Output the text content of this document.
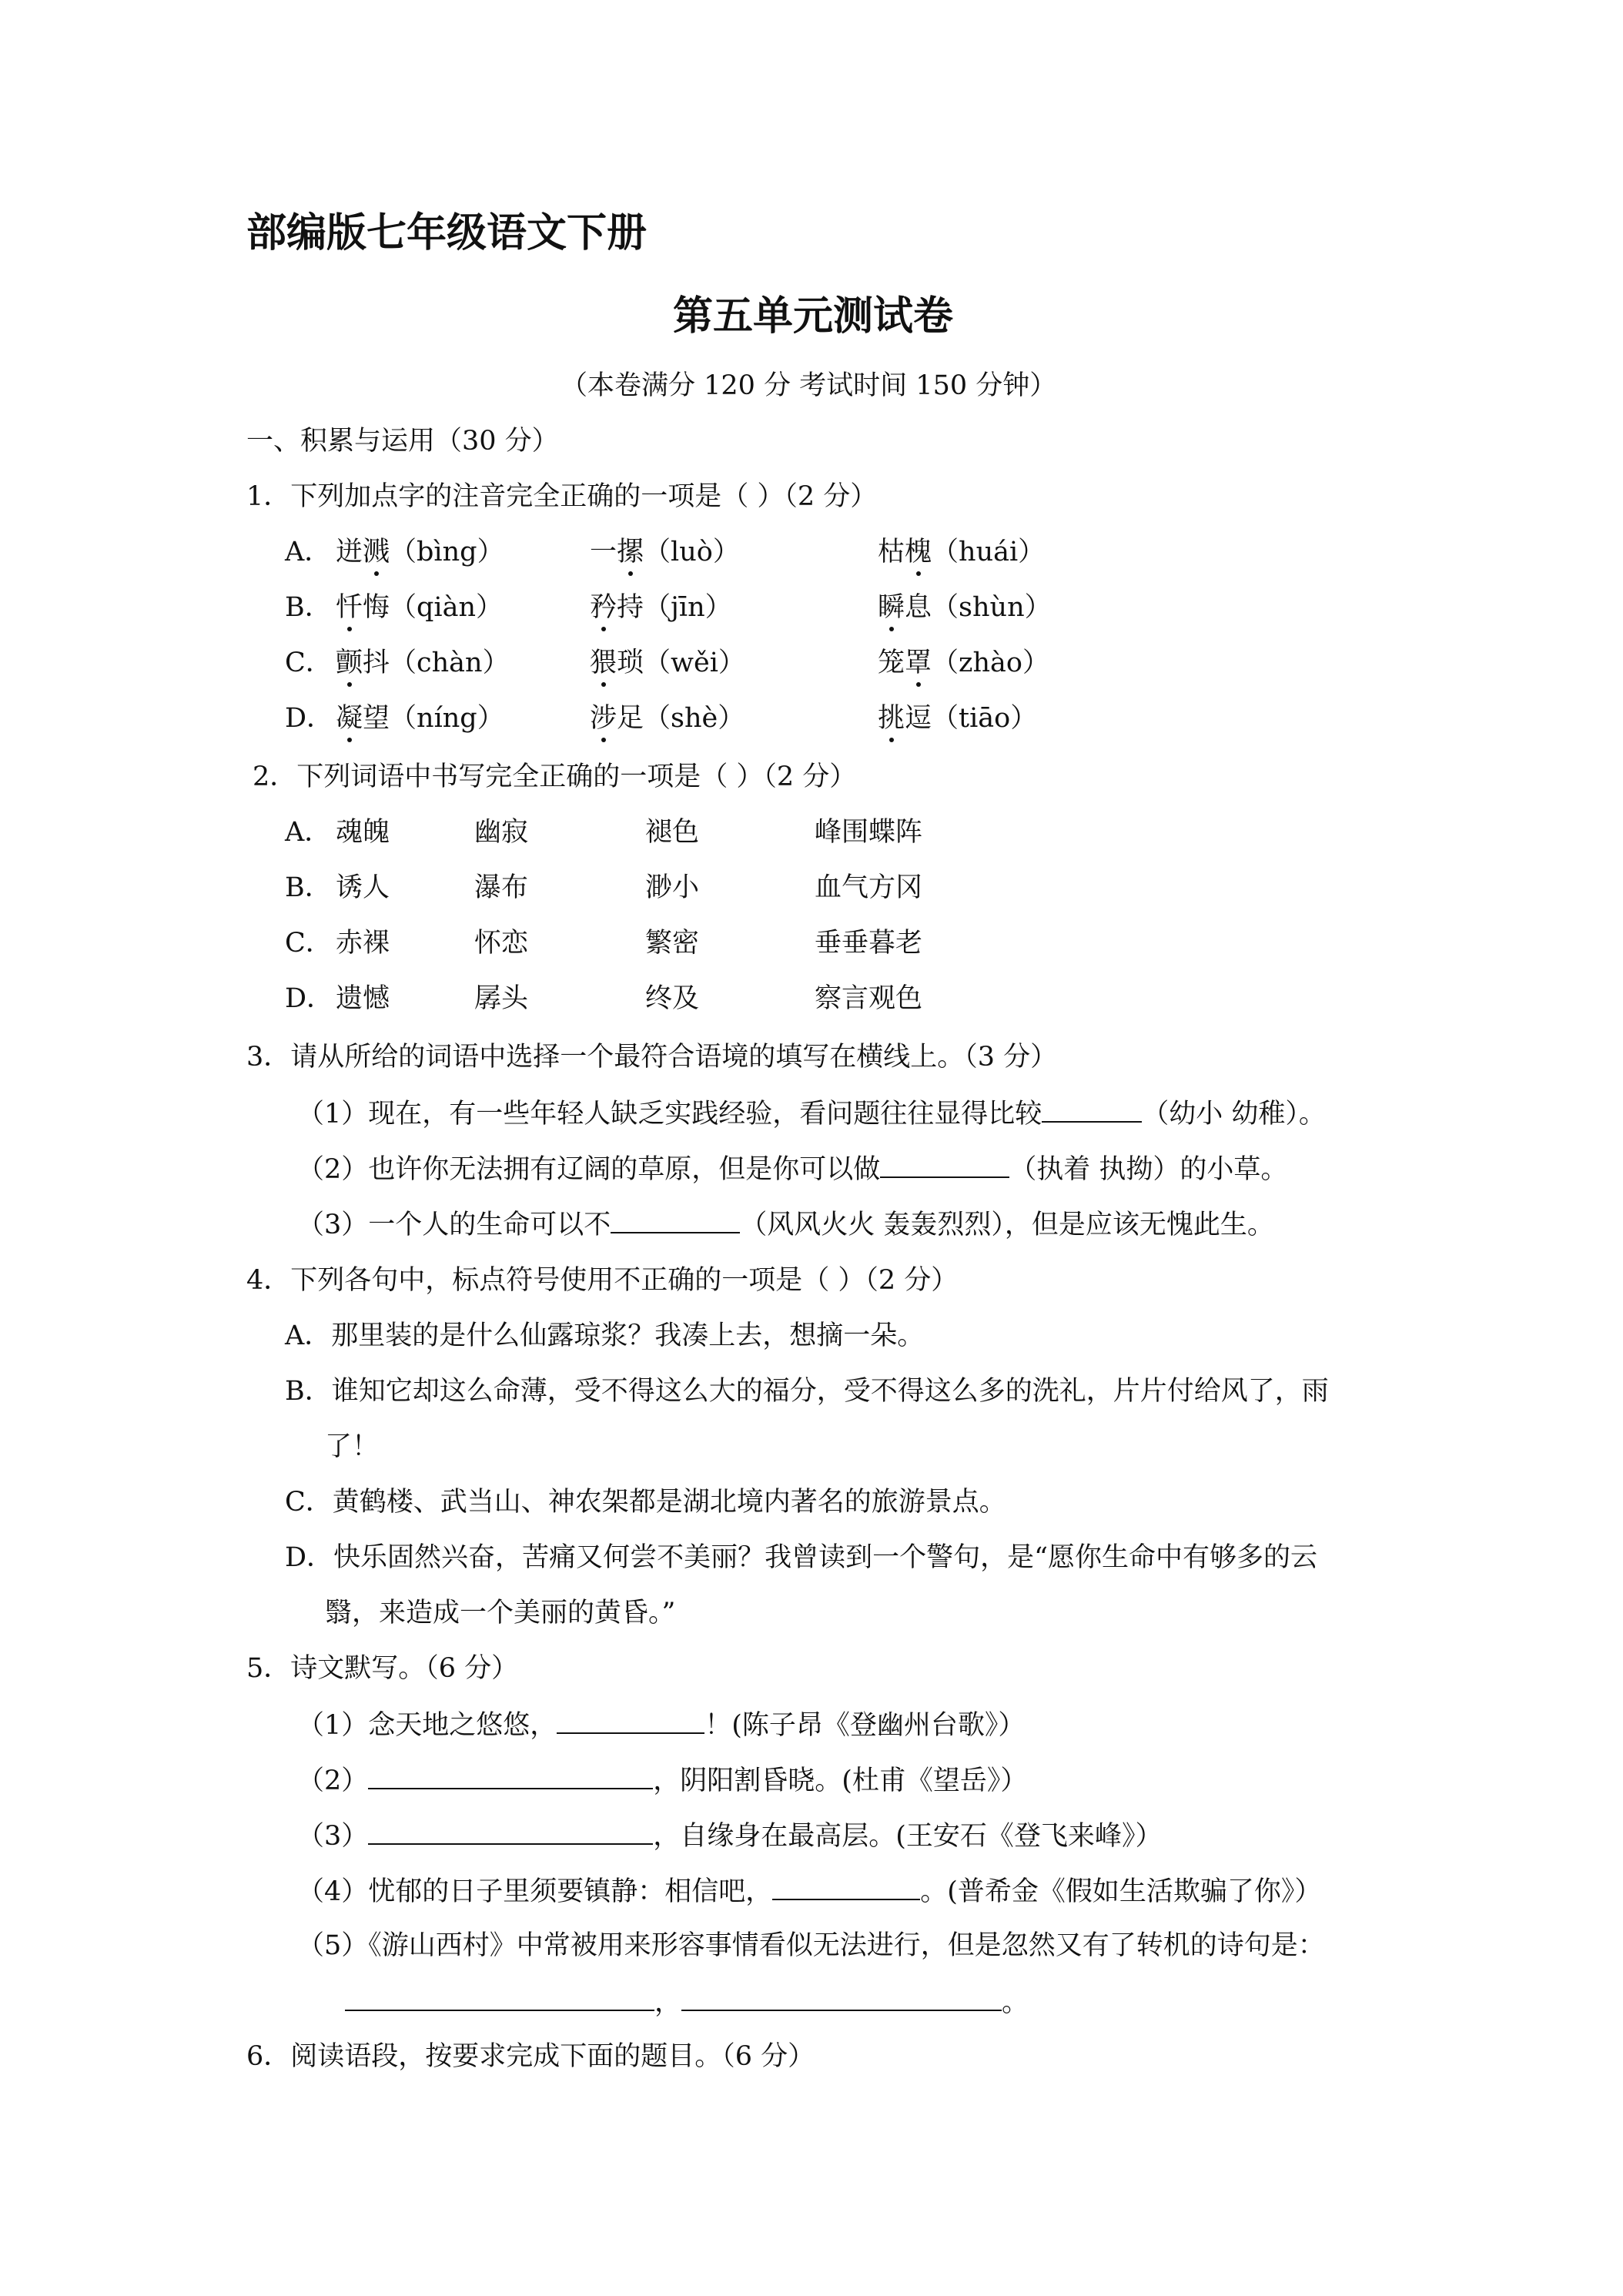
部编版七年级语文下册
第五单元测试卷
（本卷满分 120 分 考试时间 150 分钟）
一、积累与运用（30 分）
1．下列加点字的注音完全正确的一项是（ ）（2 分）
A． 迸溅（bìng）	一摞（luò）	枯槐（huái）
B． 忏悔（qiàn）	矜持（jīn）	瞬息（shùn）
C． 颤抖（chàn）	猥琐（wěi）	笼罩（zhào）
D． 凝望（níng）	涉足（shè）	挑逗（tiāo）
2．下列词语中书写完全正确的一项是（ ）（2 分）
A． 魂魄	幽寂	褪色	峰围蝶阵
B． 诱人	瀑布	渺小	血气方冈
C． 赤裸	怀恋	繁密	垂垂暮老
D． 遗憾	孱头	终及	察言观色
3．请从所给的词语中选择一个最符合语境的填写在横线上。（3 分）
（1）现在，有一些年轻人缺乏实践经验，看问题往往显得比较	（幼小 幼稚）。
（2）也许你无法拥有辽阔的草原，但是你可以做	（执着 执拗）的小草。
（3）一个人的生命可以不	（风风火火 轰轰烈烈），但是应该无愧此生。
4．下列各句中，标点符号使用不正确的一项是（ ）（2 分）
A．那里装的是什么仙露琼浆？我凑上去，想摘一朵。
B．谁知它却这么命薄，受不得这么大的福分，受不得这么多的洗礼，片片付给风了，雨
了！
C．黄鹤楼、武当山、神农架都是湖北境内著名的旅游景点。
D．快乐固然兴奋，苦痛又何尝不美丽？我曾读到一个警句，是“愿你生命中有够多的云
翳，来造成一个美丽的黄昏。”
5．诗文默写。（6 分）
（1）念天地之悠悠，	！(陈子昂《登幽州台歌》）
（2）	，阴阳割昏晓。(杜甫《望岳》）
（3）	，自缘身在最高层。(王安石《登飞来峰》）
（4）忧郁的日子里须要镇静：相信吧，	。(普希金《假如生活欺骗了你》）
（5）《游山西村》中常被用来形容事情看似无法进行，但是忽然又有了转机的诗句是：
，	。
6．阅读语段，按要求完成下面的题目。（6 分）
